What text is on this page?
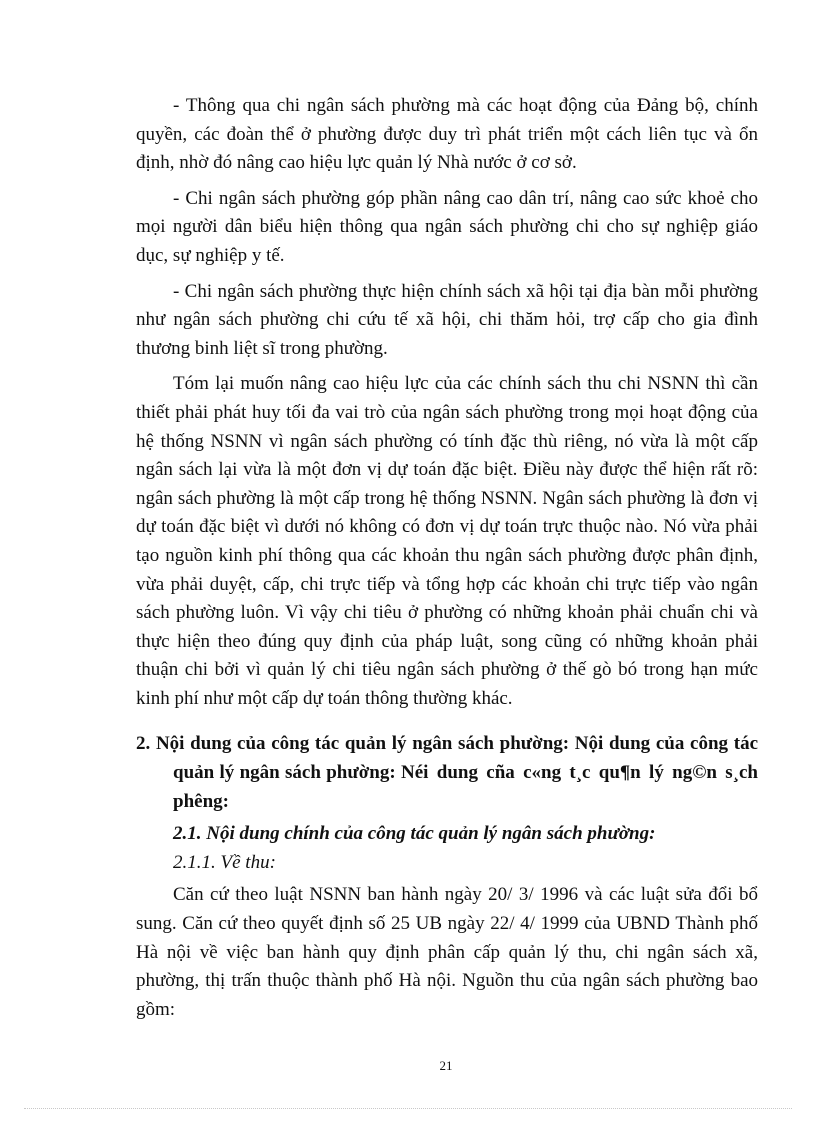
- Thông qua chi ngân sách phường mà các hoạt động của Đảng bộ, chính quyền, các đoàn thể ở phường được duy trì phát triển một cách liên tục và ổn định, nhờ đó nâng cao hiệu lực quản lý Nhà nước ở cơ sở.

- Chi ngân sách phường góp phần nâng cao dân trí, nâng cao sức khoẻ cho mọi người dân biểu hiện thông qua ngân sách phường chi cho sự nghiệp giáo dục, sự nghiệp y tế.

- Chi ngân sách phường thực hiện chính sách xã hội tại địa bàn mỗi phường như ngân sách phường chi cứu tế xã hội, chi thăm hỏi, trợ cấp cho gia đình thương binh liệt sĩ trong phường.

Tóm lại muốn nâng cao hiệu lực của các chính sách thu chi NSNN thì cần thiết phải phát huy tối đa vai trò của ngân sách phường trong mọi hoạt động của hệ thống NSNN vì ngân sách phường có tính đặc thù riêng, nó vừa là một cấp ngân sách lại vừa là một đơn vị dự toán đặc biệt. Điều này được thể hiện rất rõ: ngân sách phường là một cấp trong hệ thống NSNN. Ngân sách phường là đơn vị dự toán đặc biệt vì dưới nó không có đơn vị dự toán trực thuộc nào. Nó vừa phải tạo nguồn kinh phí thông qua các khoản thu ngân sách phường được phân định, vừa phải duyệt, cấp, chi trực tiếp và tổng hợp các khoản chi trực tiếp vào ngân sách phường luôn. Vì vậy chi tiêu ở phường có những khoản phải chuẩn chi và thực hiện theo đúng quy định của pháp luật, song cũng có những khoản phải thuận chi bởi vì quản lý chi tiêu ngân sách phường ở thế gò bó trong hạn mức kinh phí như một cấp dự toán thông thường khác.

2. Nội dung của công tác quản lý ngân sách phường: Nội dung của công tác quản lý ngân sách phường: Néi dung cña c«ng t¸c qu¶n lý ng©n s¸ch phêng:
2.1. Nội dung chính của công tác quản lý ngân sách phường:
2.1.1. Về thu:

Căn cứ theo luật NSNN ban hành ngày 20/ 3/ 1996 và các luật sửa đổi bổ sung. Căn cứ theo quyết định số 25 UB ngày 22/ 4/ 1999 của UBND Thành phố Hà nội về việc ban hành quy định phân cấp quản lý thu, chi ngân sách xã, phường, thị trấn thuộc thành phố Hà nội. Nguồn thu của ngân sách phường bao gồm:

21
